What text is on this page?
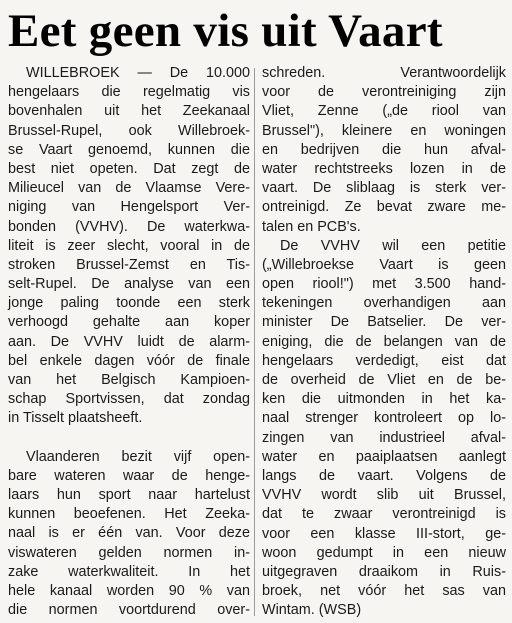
Eet geen vis uit Vaart
WILLEBROEK — De 10.000
hengelaars die regelmatig vis
bovenhalen uit het Zeekanaal
Brussel-Rupel, ook Willebroek-
se Vaart genoemd, kunnen die
best niet opeten. Dat zegt de
Milieucel van de Vlaamse Vere-
niging van Hengelsport Ver-
bonden (VVHV). De waterkwa-
liteit is zeer slecht, vooral in de
stroken Brussel-Zemst en Tis-
selt-Rupel. De analyse van een
jonge paling toonde een sterk
verhoogd gehalte aan koper
aan. De VVHV luidt de alarm-
bel enkele dagen vóór de finale
van het Belgisch Kampioen-
schap Sportvissen, dat zondag
in Tisselt plaatsheeft.
Vlaanderen bezit vijf open-
bare wateren waar de henge-
laars hun sport naar hartelust
kunnen beoefenen. Het Zeeka-
naal is er één van. Voor deze
viswateren gelden normen in-
zake waterkwaliteit. In het
hele kanaal worden 90 % van
die normen voortdurend over-
schreden. Verantwoordelijk
voor de verontreiniging zijn
Vliet, Zenne („de riool van
Brussel"), kleinere en woningen
en bedrijven die hun afval-
water rechtstreeks lozen in de
vaart. De sliblaag is sterk ver-
ontreinigd. Ze bevat zware me-
talen en PCB's.
De VVHV wil een petitie
(„Willebroekse Vaart is geen
open riool!") met 3.500 hand-
tekeningen overhandigen aan
minister De Batselier. De ver-
eniging, die de belangen van de
hengelaars verdedigt, eist dat
de overheid de Vliet en de be-
ken die uitmonden in het ka-
naal strenger kontroleert op lo-
zingen van industrieel afval-
water en paaiplaatsen aanlegt
langs de vaart. Volgens de
VVHV wordt slib uit Brussel,
dat te zwaar verontreinigd is
voor een klasse III-stort, ge-
woon gedumpt in een nieuw
uitgegraven draaikom in Ruis-
broek, net vóór het sas van
Wintam. (WSB)
